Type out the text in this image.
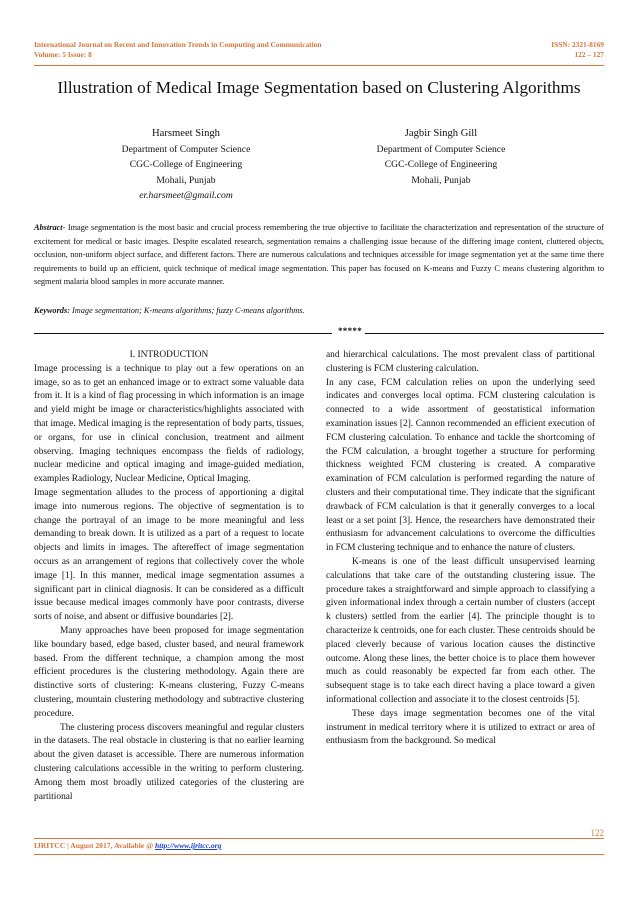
International Journal on Recent and Innovation Trends in Computing and Communication
Volume: 5 Issue: 8
ISSN: 2321-8169
122 – 127
Illustration of Medical Image Segmentation based on Clustering Algorithms
Harsmeet Singh
Department of Computer Science
CGC-College of Engineering
Mohali, Punjab
er.harsmeet@gmail.com
Jagbir Singh Gill
Department of Computer Science
CGC-College of Engineering
Mohali, Punjab
Abstract- Image segmentation is the most basic and crucial process remembering the true objective to facilitate the characterization and representation of the structure of excitement for medical or basic images. Despite escalated research, segmentation remains a challenging issue because of the differing image content, cluttered objects, occlusion, non-uniform object surface, and different factors. There are numerous calculations and techniques accessible for image segmentation yet at the same time there requirements to build up an efficient, quick technique of medical image segmentation. This paper has focused on K-means and Fuzzy C means clustering algorithm to segment malaria blood samples in more accurate manner.
Keywords: Image segmentation; K-means algorithms; fuzzy C-means algorithms.
*****

I. INTRODUCTION

Image processing is a technique to play out a few operations on an image, so as to get an enhanced image or to extract some valuable data from it. It is a kind of flag processing in which information is an image and yield might be image or characteristics/highlights associated with that image. Medical imaging is the representation of body parts, tissues, or organs, for use in clinical conclusion, treatment and ailment observing. Imaging techniques encompass the fields of radiology, nuclear medicine and optical imaging and image-guided mediation, examples Radiology, Nuclear Medicine, Optical Imaging.

Image segmentation alludes to the process of apportioning a digital image into numerous regions. The objective of segmentation is to change the portrayal of an image to be more meaningful and less demanding to break down. It is utilized as a part of a request to locate objects and limits in images. The aftereffect of image segmentation occurs as an arrangement of regions that collectively cover the whole image [1]. In this manner, medical image segmentation assumes a significant part in clinical diagnosis. It can be considered as a difficult issue because medical images commonly have poor contrasts, diverse sorts of noise, and absent or diffusive boundaries [2].

Many approaches have been proposed for image segmentation like boundary based, edge based, cluster based, and neural framework based. From the different technique, a champion among the most efficient procedures is the clustering methodology. Again there are distinctive sorts of clustering: K-means clustering, Fuzzy C-means clustering, mountain clustering methodology and subtractive clustering procedure.

The clustering process discovers meaningful and regular clusters in the datasets. The real obstacle in clustering is that no earlier learning about the given dataset is accessible. There are numerous information clustering calculations accessible in the writing to perform clustering. Among them most broadly utilized categories of the clustering are partitional

and hierarchical calculations. The most prevalent class of partitional clustering is FCM clustering calculation.

In any case, FCM calculation relies on upon the underlying seed indicates and converges local optima. FCM clustering calculation is connected to a wide assortment of geostatistical information examination issues [2]. Cannon recommended an efficient execution of FCM clustering calculation. To enhance and tackle the shortcoming of the FCM calculation, a brought together a structure for performing thickness weighted FCM clustering is created. A comparative examination of FCM calculation is performed regarding the nature of clusters and their computational time. They indicate that the significant drawback of FCM calculation is that it generally converges to a local least or a set point [3]. Hence, the researchers have demonstrated their enthusiasm for advancement calculations to overcome the difficulties in FCM clustering technique and to enhance the nature of clusters.

K-means is one of the least difficult unsupervised learning calculations that take care of the outstanding clustering issue. The procedure takes a straightforward and simple approach to classifying a given informational index through a certain number of clusters (accept k clusters) settled from the earlier [4]. The principle thought is to characterize k centroids, one for each cluster. These centroids should be placed cleverly because of various location causes the distinctive outcome. Along these lines, the better choice is to place them however much as could reasonably be expected far from each other. The subsequent stage is to take each direct having a place toward a given informational collection and associate it to the closest centroids [5].

These days image segmentation becomes one of the vital instrument in medical territory where it is utilized to extract or area of enthusiasm from the background. So medical

122
IJRITCC | August 2017, Available @ http://www.ijritcc.org
